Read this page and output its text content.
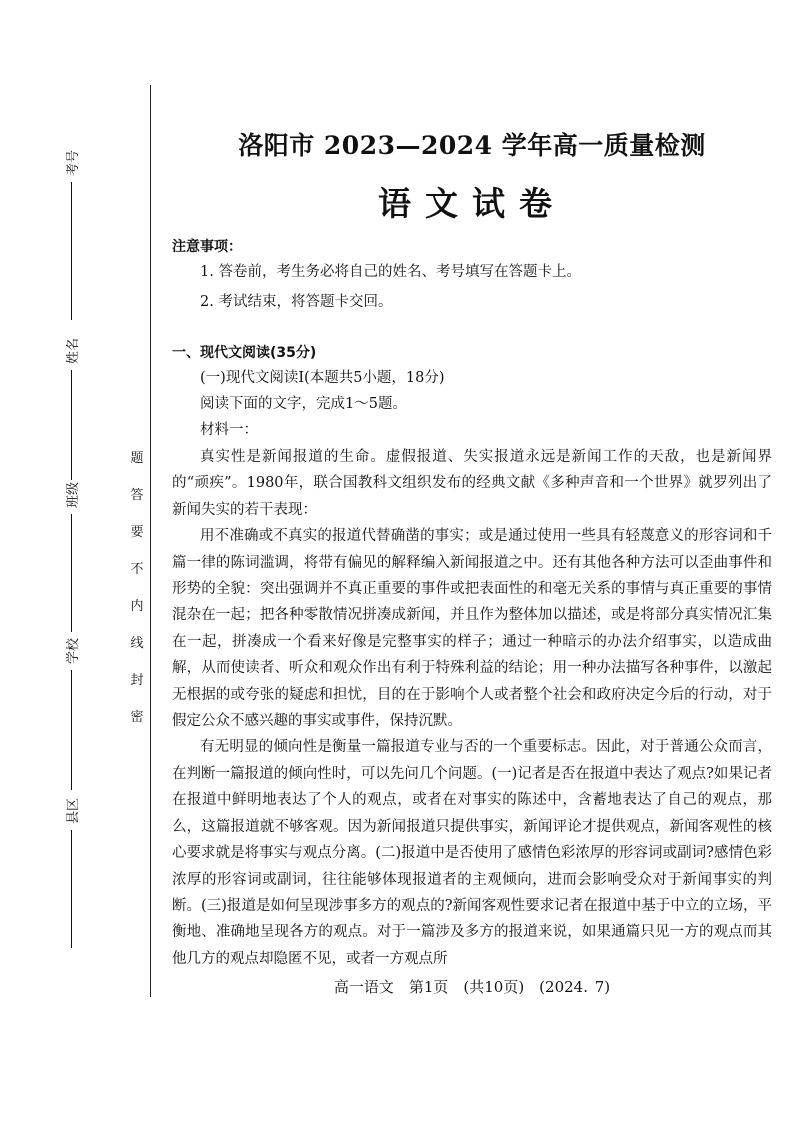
考号
姓名
班级
学校
县区
题
答
要
不
内
线
封
密
洛阳市 2023—2024 学年高一质量检测
语文试卷
注意事项：
1. 答卷前，考生务必将自己的姓名、考号填写在答题卡上。
2. 考试结束，将答题卡交回。
一、现代文阅读(35分)
(一)现代文阅读Ⅰ(本题共5小题，18分)
阅读下面的文字，完成1～5题。
材料一：

真实性是新闻报道的生命。虚假报道、失实报道永远是新闻工作的天敌，也是新闻界的“顽疾”。1980年，联合国教科文组织发布的经典文献《多种声音和一个世界》就罗列出了新闻失实的若干表现：

用不准确或不真实的报道代替确凿的事实；或是通过使用一些具有轻蔑意义的形容词和千篇一律的陈词滥调，将带有偏见的解释编入新闻报道之中。还有其他各种方法可以歪曲事件和形势的全貌：突出强调并不真正重要的事件或把表面性的和毫无关系的事情与真正重要的事情混杂在一起；把各种零散情况拼凑成新闻，并且作为整体加以描述，或是将部分真实情况汇集在一起，拼凑成一个看来好像是完整事实的样子；通过一种暗示的办法介绍事实，以造成曲解，从而使读者、听众和观众作出有利于特殊利益的结论；用一种办法描写各种事件，以激起无根据的或夸张的疑虑和担忧，目的在于影响个人或者整个社会和政府决定今后的行动，对于假定公众不感兴趣的事实或事件，保持沉默。

有无明显的倾向性是衡量一篇报道专业与否的一个重要标志。因此，对于普通公众而言，在判断一篇报道的倾向性时，可以先问几个问题。(一)记者是否在报道中表达了观点?如果记者在报道中鲜明地表达了个人的观点，或者在对事实的陈述中，含蓄地表达了自己的观点，那么，这篇报道就不够客观。因为新闻报道只提供事实，新闻评论才提供观点，新闻客观性的核心要求就是将事实与观点分离。(二)报道中是否使用了感情色彩浓厚的形容词或副词?感情色彩浓厚的形容词或副词，往往能够体现报道者的主观倾向，进而会影响受众对于新闻事实的判断。(三)报道是如何呈现涉事多方的观点的?新闻客观性要求记者在报道中基于中立的立场，平衡地、准确地呈现各方的观点。对于一篇涉及多方的报道来说，如果通篇只见一方的观点而其他几方的观点却隐匿不见，或者一方观点所

高一语文　第1页　(共10页)　(2024. 7)
